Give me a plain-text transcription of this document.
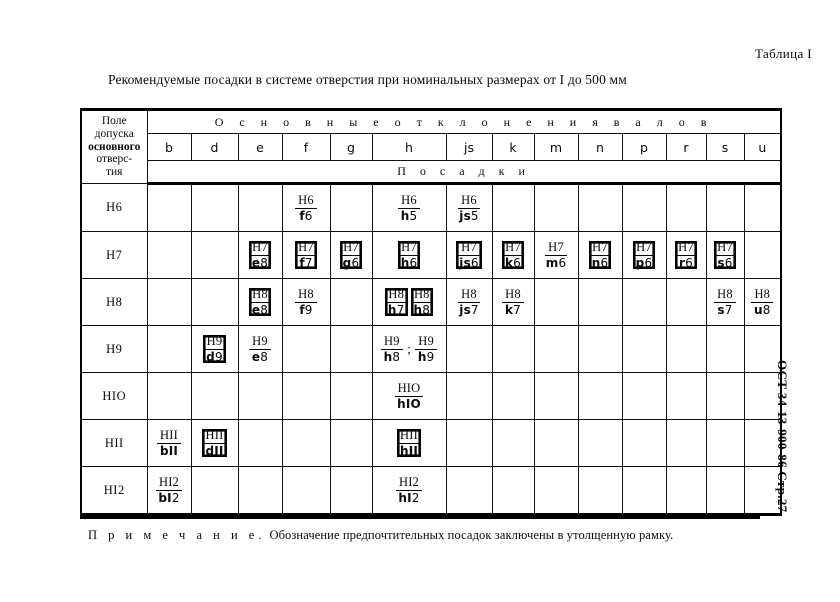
Таблица I
Рекомендуемые посадки в системе отверстия при номинальных размерах от I до 500 мм
ОСТ 34-13-900-86 Стр.27
Поле
допуска
основного
отверс-
тия	О с н о в н ы е о т к л о н е н и я в а л о в													
	b	d	e	f	g	h	js	k	m	n	p	r	s	u
	П о с а д к и													
Н6				$\frac{H6}{f6}$		$\frac{H6}{h5}$	$\frac{H6}{js5}$

Н7			$\frac{H7}{e8}$	$\frac{H7}{f7}$	$\frac{H7}{g6}$	$\frac{H7}{h6}$	$\frac{H7}{js6}$	$\frac{H7}{k6}$	$\frac{H7}{m6}$	$\frac{H7}{n6}$	$\frac{H7}{p6}$	$\frac{H7}{r6}$	$\frac{H7}{s6}$

Н8			$\frac{H8}{e8}$	$\frac{H8}{f9}$		$\frac{H8}{h7} \frac{H8}{h8}$	$\frac{H8}{js7}$	$\frac{H8}{k7}$					$\frac{H8}{s7}$	$\frac{H8}{u8}$

Н9		$\frac{H9}{d9}$	$\frac{H9}{e8}$			$\frac{H9}{h8}$ ; $\frac{H9}{h9}$

НIO						$\frac{\text{HIO}}{\text{hIO}}$

НII	$\frac{\text{HII}}{\text{bII}}$	$\frac{\text{HII}}{\text{dII}}$				$\frac{\text{HII}}{\text{hII}}$

НI2	$\frac{HI2}{bI2}$					$\frac{HI2}{hI2}$

П р и м е ч а н и е. Обозначение предпочтительных посадок заключены в утолщенную рамку.
